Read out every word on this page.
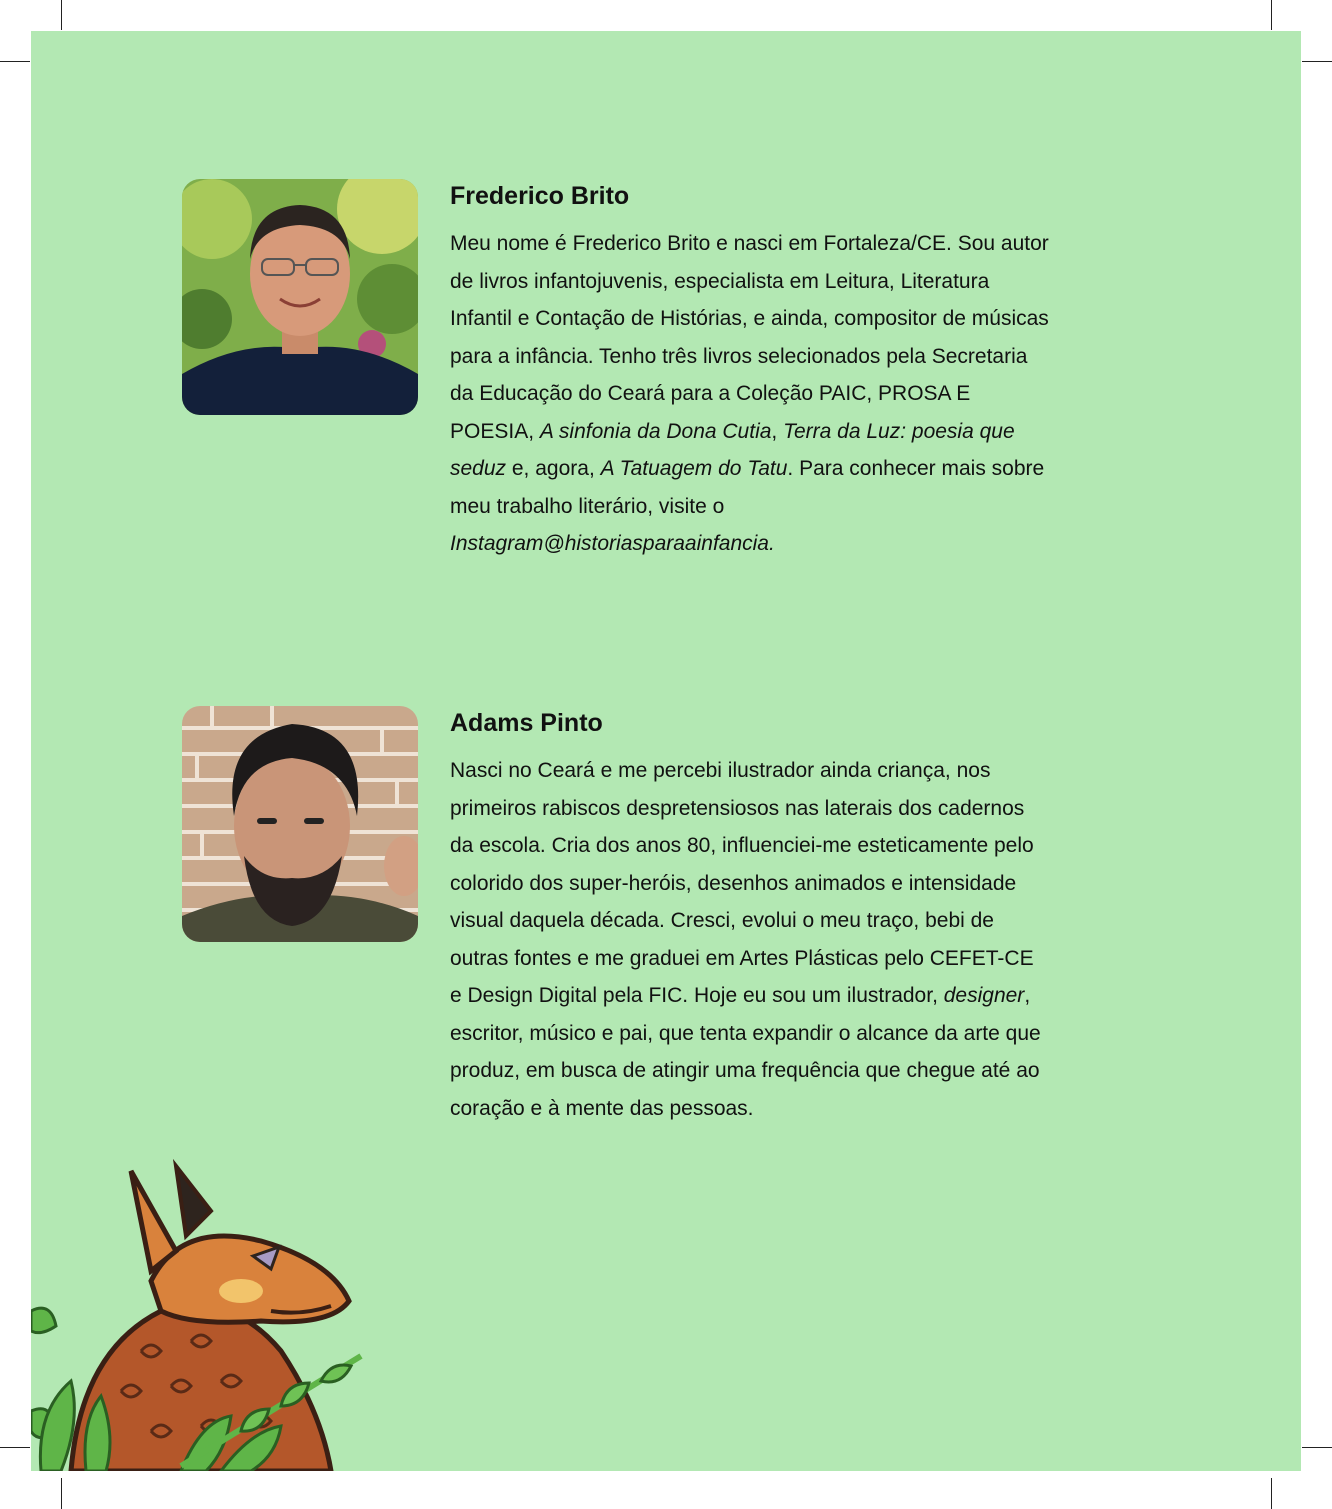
Frederico Brito

Meu nome é Frederico Brito e nasci em Fortaleza/CE. Sou autor de livros infantojuvenis, especialista em Leitura, Literatura Infantil e Contação de Histórias, e ainda, compositor de músicas para a infância. Tenho três livros selecionados pela Secretaria da Educação do Ceará para a Coleção PAIC, PROSA E POESIA, A sinfonia da Dona Cutia, Terra da Luz: poesia que seduz e, agora, A Tatuagem do Tatu. Para conhecer mais sobre meu trabalho literário, visite o Instagram@historiasparaainfancia.

Adams Pinto

Nasci no Ceará e me percebi ilustrador ainda criança, nos primeiros rabiscos despretensiosos nas laterais dos cadernos da escola. Cria dos anos 80, influenciei-me esteticamente pelo colorido dos super-heróis, desenhos animados e intensidade visual daquela década. Cresci, evolui o meu traço, bebi de outras fontes e me graduei em Artes Plásticas pelo CEFET-CE e Design Digital pela FIC. Hoje eu sou um ilustrador, designer, escritor, músico e pai, que tenta expandir o alcance da arte que produz, em busca de atingir uma frequência que chegue até ao coração e à mente das pessoas.
